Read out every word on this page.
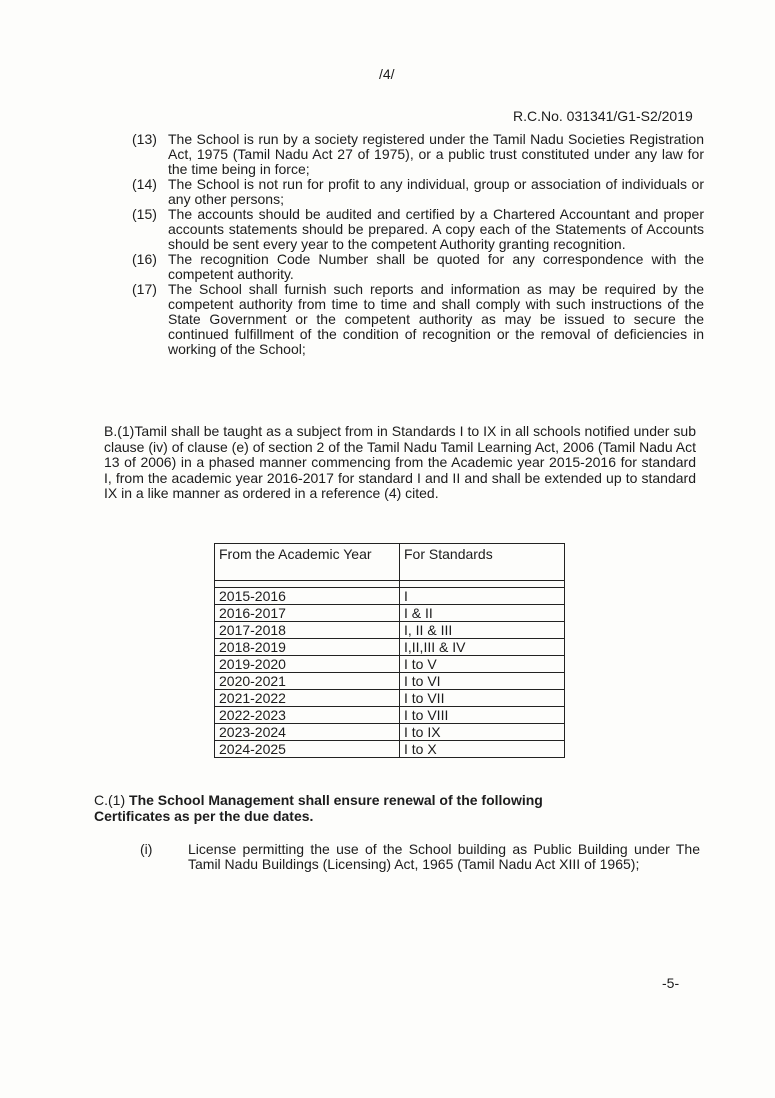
/4/
R.C.No. 031341/G1-S2/2019
(13) The School is run by a society registered under the Tamil Nadu Societies Registration Act, 1975 (Tamil Nadu Act 27 of 1975), or a public trust constituted under any law for the time being in force;
(14) The School is not run for profit to any individual, group or association of individuals or any other persons;
(15) The accounts should be audited and certified by a Chartered Accountant and proper accounts statements should be prepared. A copy each of the Statements of Accounts should be sent every year to the competent Authority granting recognition.
(16) The recognition Code Number shall be quoted for any correspondence with the competent authority.
(17) The School shall furnish such reports and information as may be required by the competent authority from time to time and shall comply with such instructions of the State Government or the competent authority as may be issued to secure the continued fulfillment of the condition of recognition or the removal of deficiencies in working of the School;
B.(1)Tamil shall be taught as a subject from in Standards I to IX in all schools notified under sub clause (iv) of clause (e) of section 2 of the Tamil Nadu Tamil Learning Act, 2006 (Tamil Nadu Act 13 of 2006) in a phased manner commencing from the Academic year 2015-2016 for standard I, from the academic year 2016-2017 for standard I and II and shall be extended up to standard IX in a like manner as ordered in a reference (4) cited.
From the Academic Year	For Standards

2015-2016	I
2016-2017	I & II
2017-2018	I, II & III
2018-2019	I,II,III & IV
2019-2020	I to V
2020-2021	I to VI
2021-2022	I to VII
2022-2023	I to VIII
2023-2024	I to IX
2024-2025	I to X
C.(1) The School Management shall ensure renewal of the following Certificates as per the due dates.
(i)	License permitting the use of the School building as Public Building under The Tamil Nadu Buildings (Licensing) Act, 1965 (Tamil Nadu Act XIII of 1965);
-5-
